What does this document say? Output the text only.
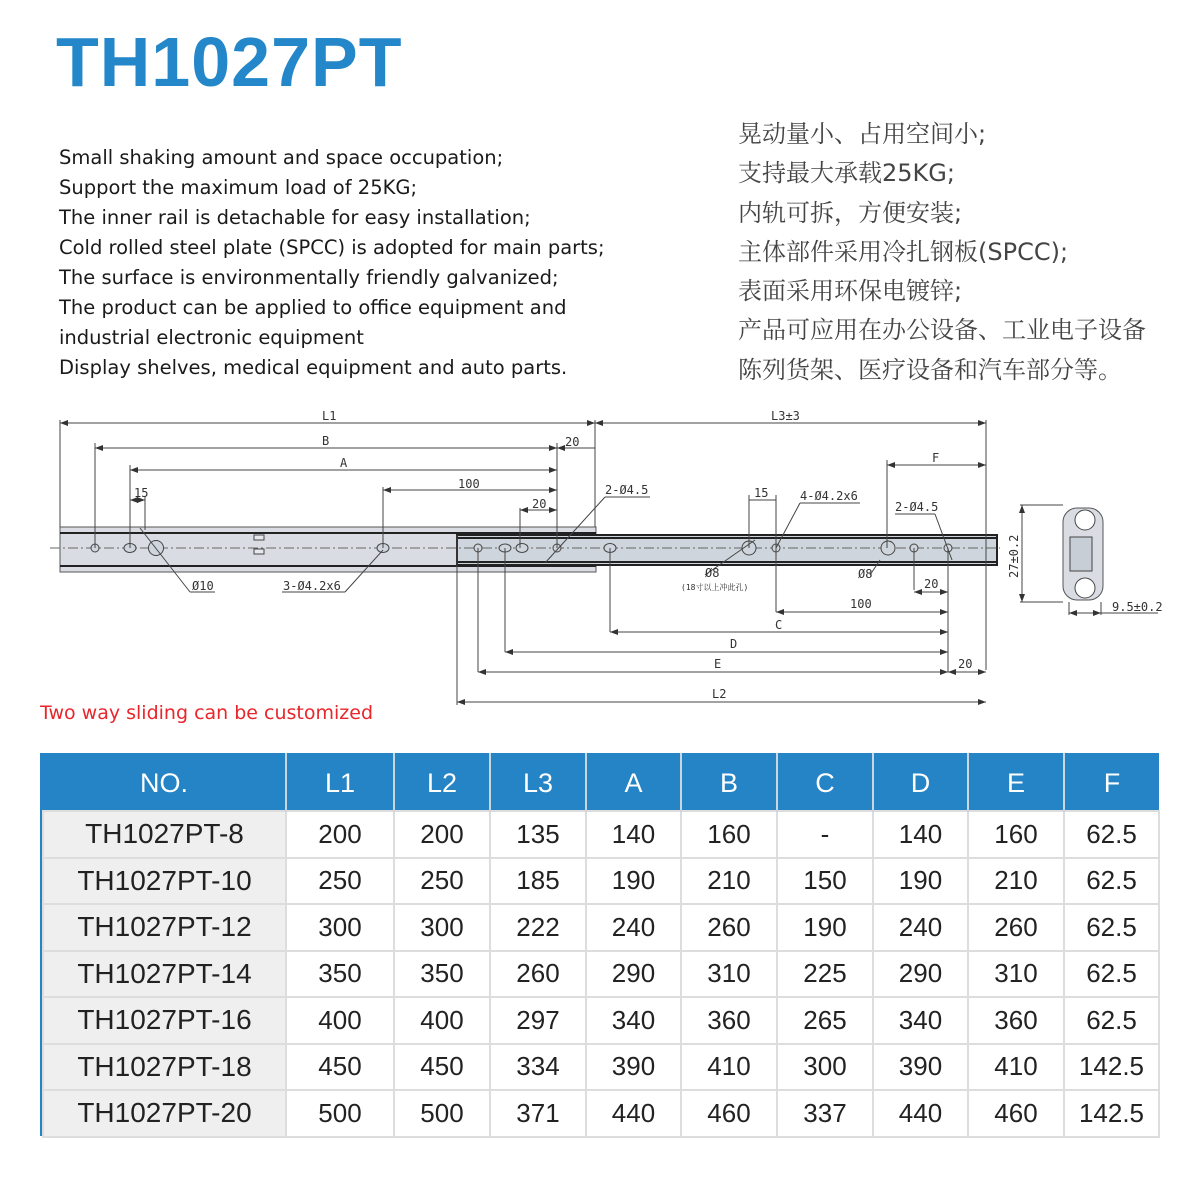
TH1027PT
Small shaking amount and space occupation;
Support the maximum load of 25KG;
The inner rail is detachable for easy installation;
Cold rolled steel plate (SPCC) is adopted for main parts;
The surface is environmentally friendly galvanized;
The product can be applied to office equipment and
industrial electronic equipment
Display shelves, medical equipment and auto parts.
晃动量小、占用空间小;
支持最大承载25KG;
内轨可拆，方便安装;
主体部件采用冷扎钢板(SPCC);
表面采用环保电镀锌;
产品可应用在办公设备、工业电子设备
陈列货架、医疗设备和汽车部分等。
L1
B	20
A
100
20
15
Ø10	3-Ø4.2x6
2-Ø4.5
L3±3
F
15	4-Ø4.2x6
2-Ø4.5
Ø8
(18寸以上冲此孔)
Ø8
20
100
C
D
E	20
L2
27±0.2
9.5±0.2
Two way sliding can be customized
NO.	L1	L2	L3	A	B	C	D	E	F
TH1027PT-8	200	200	135	140	160	-	140	160	62.5
TH1027PT-10	250	250	185	190	210	150	190	210	62.5
TH1027PT-12	300	300	222	240	260	190	240	260	62.5
TH1027PT-14	350	350	260	290	310	225	290	310	62.5
TH1027PT-16	400	400	297	340	360	265	340	360	62.5
TH1027PT-18	450	450	334	390	410	300	390	410	142.5
TH1027PT-20	500	500	371	440	460	337	440	460	142.5
